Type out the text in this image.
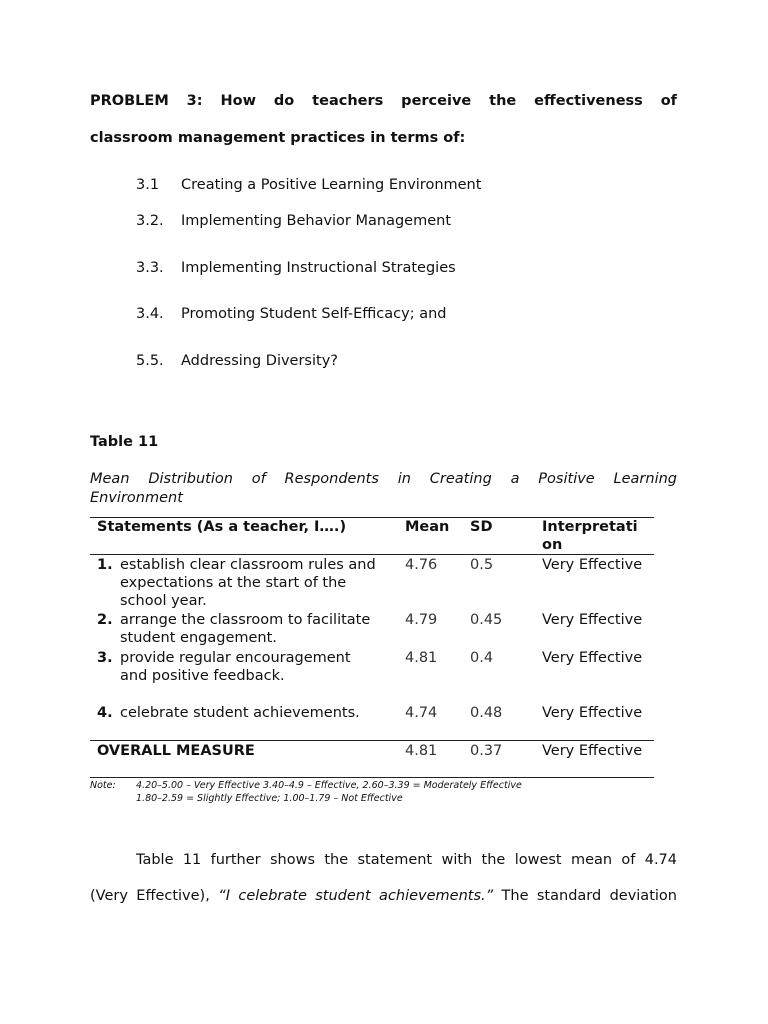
PROBLEM 3: How do teachers perceive the effectiveness of
classroom management practices in terms of:
3.1 Creating a Positive Learning Environment
3.2. Implementing Behavior Management
3.3. Implementing Instructional Strategies
3.4. Promoting Student Self-Efficacy; and
5.5. Addressing Diversity?
Table 11
Mean Distribution of Respondents in Creating a Positive Learning
Environment
Statements (As a teacher, I….)	Mean SD	Interpretati
on
1. establish clear classroom rules and
expectations at the start of the
school year.
4.76 0.5	Very Effective
2. arrange the classroom to facilitate
student engagement.
4.79 0.45	Very Effective
3. provide regular encouragement
and positive feedback.
4.81 0.4	Very Effective
4. celebrate student achievements.	4.74 0.48	Very Effective
OVERALL MEASURE	4.81 0.37	Very Effective
Note: 4.20–5.00 – Very Effective 3.40–4.9 – Effective, 2.60–3.39 = Moderately Effective
1.80–2.59 = Slightly Effective; 1.00–1.79 – Not Effective
Table 11 further shows the statement with the lowest mean of 4.74
(Very Effective), “I celebrate student achievements.” The standard deviation
